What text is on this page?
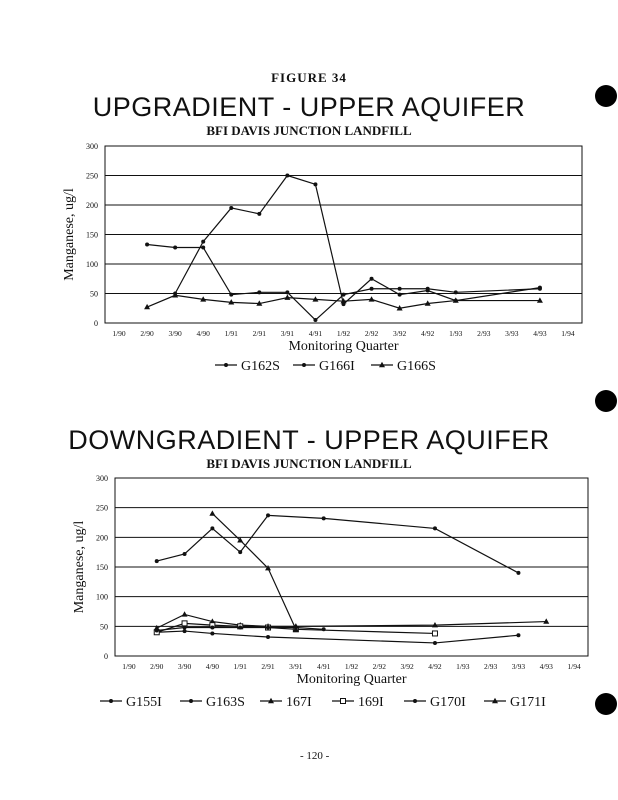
FIGURE 34
UPGRADIENT - UPPER AQUIFER
BFI DAVIS JUNCTION LANDFILL
0
50
100
150
200
250
300
1/90 2/90 3/90 4/90 1/91 2/91 3/91 4/91 1/92 2/92 3/92 4/92 1/93 2/93 3/93 4/93 1/94
Monitoring Quarter
Manganese, ug/l
G162S	G166I	G166S
DOWNGRADIENT - UPPER AQUIFER
BFI DAVIS JUNCTION LANDFILL
0
50
100
150
200
250
300
1/90 2/90 3/90 4/90 1/91 2/91 3/91 4/91 1/92 2/92 3/92 4/92 1/93 2/93 3/93 4/93 1/94
Monitoring Quarter
Manganese, ug/l
G155I	G163S	167I	169I	G170I	G171I
- 120 -
